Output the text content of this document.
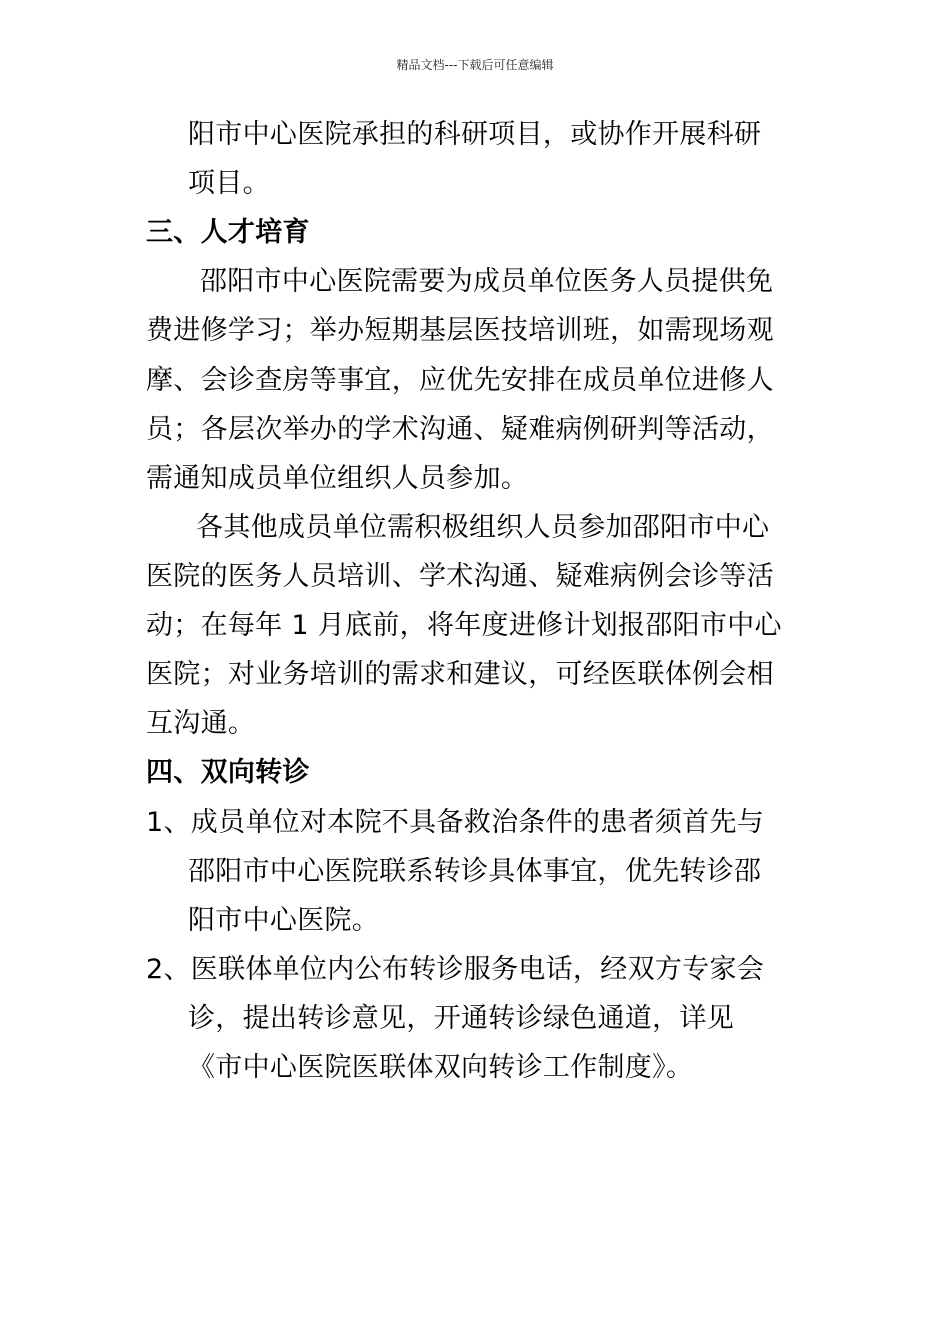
精品文档---下载后可任意编辑
阳市中心医院承担的科研项目，或协作开展科研
项目。
三、人才培育
邵阳市中心医院需要为成员单位医务人员提供免
费进修学习；举办短期基层医技培训班，如需现场观
摩、会诊查房等事宜，应优先安排在成员单位进修人
员；各层次举办的学术沟通、疑难病例研判等活动，
需通知成员单位组织人员参加。
各其他成员单位需积极组织人员参加邵阳市中心
医院的医务人员培训、学术沟通、疑难病例会诊等活
动；在每年 1 月底前，将年度进修计划报邵阳市中心
医院；对业务培训的需求和建议，可经医联体例会相
互沟通。
四、双向转诊
1、成员单位对本院不具备救治条件的患者须首先与
邵阳市中心医院联系转诊具体事宜，优先转诊邵
阳市中心医院。
2、医联体单位内公布转诊服务电话，经双方专家会
诊，提出转诊意见，开通转诊绿色通道，详见
《市中心医院医联体双向转诊工作制度》。
